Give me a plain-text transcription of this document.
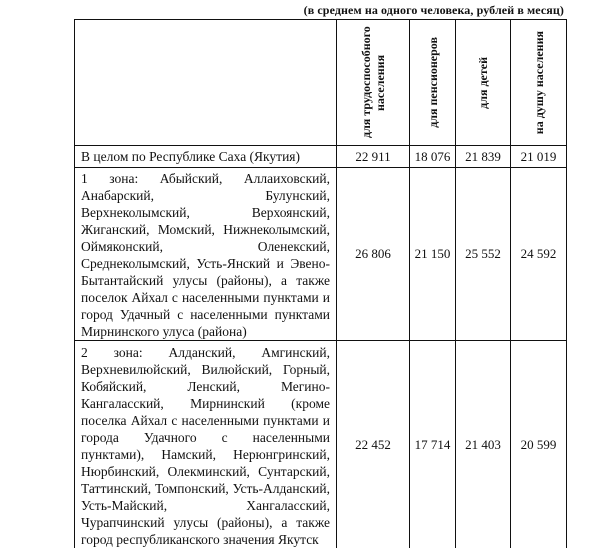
(в среднем на одного человека, рублей в месяц)

	для трудоспособного населения	для пенсионеров	для детей	на душу населения

В целом по Республике Саха (Якутия)	22 911	18 076	21 839	21 019

1 зона: Абыйский, Аллаиховский, Анабарский, Булунский, Верхнеколымский, Верхоянский, Жиганский, Момский, Нижнеколымский, Оймяконский, Оленекский, Среднеколымский, Усть-Янский и Эвено-Бытантайский улусы (районы), а также поселок Айхал с населенными пунктами и город Удачный с населенными пунктами Мирнинского улуса (района)	26 806	21 150	25 552	24 592

2 зона: Алданский, Амгинский, Верхневилюйский, Вилюйский, Горный, Кобяйский, Ленский, Мегино-Кангаласский, Мирнинский (кроме поселка Айхал с населенными пунктами и города Удачного с населенными пунктами), Намский, Нерюнгринский, Нюрбинский, Олекминский, Сунтарский, Таттинский, Томпонский, Усть-Алданский, Усть-Майский, Хангаласский, Чурапчинский улусы (районы), а также город республиканского значения Якутск	22 452	17 714	21 403	20 599
